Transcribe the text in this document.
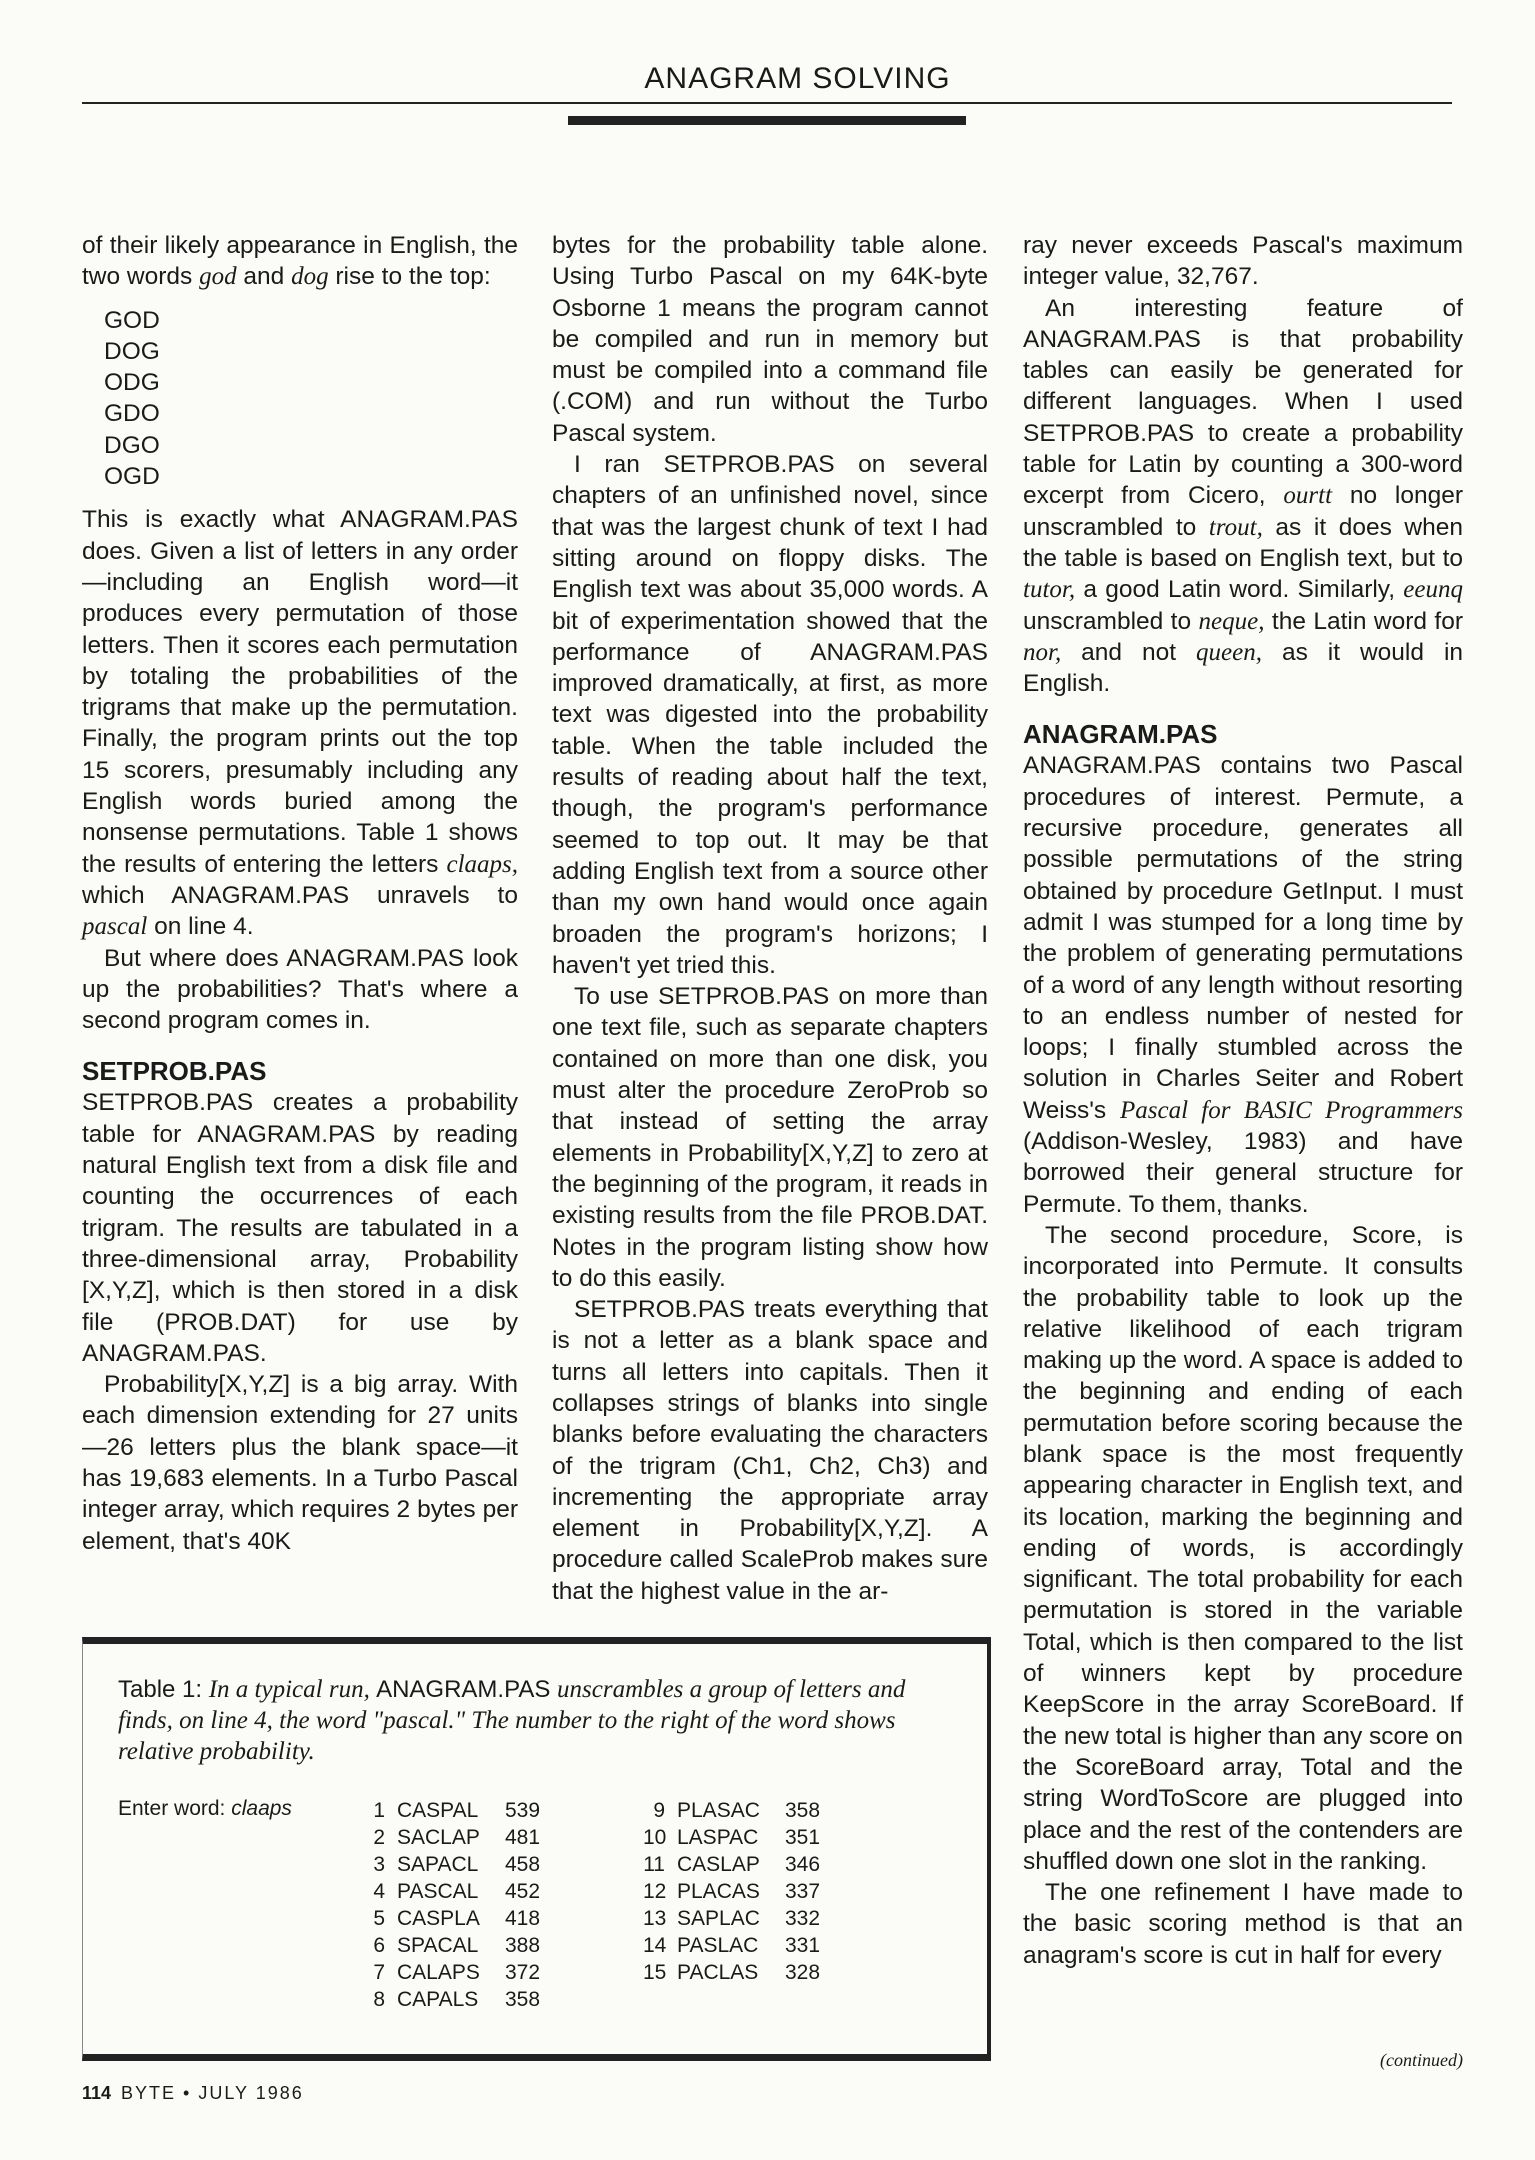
ANAGRAM SOLVING

of their likely appearance in English, the two words god and dog rise to the top:

GOD
DOG
ODG
GDO
DGO
OGD

This is exactly what ANAGRAM.PAS does. Given a list of letters in any order—including an English word—it produces every permutation of those letters. Then it scores each permutation by totaling the probabilities of the trigrams that make up the permutation. Finally, the program prints out the top 15 scorers, presumably including any English words buried among the nonsense permutations. Table 1 shows the results of entering the letters claaps, which ANAGRAM.PAS unravels to pascal on line 4.

But where does ANAGRAM.PAS look up the probabilities? That's where a second program comes in.

SETPROB.PAS

SETPROB.PAS creates a probability table for ANAGRAM.PAS by reading natural English text from a disk file and counting the occurrences of each trigram. The results are tabulated in a three-dimensional array, Probability [X,Y,Z], which is then stored in a disk file (PROB.DAT) for use by ANAGRAM.PAS.

Probability[X,Y,Z] is a big array. With each dimension extending for 27 units—26 letters plus the blank space—it has 19,683 elements. In a Turbo Pascal integer array, which requires 2 bytes per element, that's 40K

bytes for the probability table alone. Using Turbo Pascal on my 64K-byte Osborne 1 means the program cannot be compiled and run in memory but must be compiled into a command file (.COM) and run without the Turbo Pascal system.

I ran SETPROB.PAS on several chapters of an unfinished novel, since that was the largest chunk of text I had sitting around on floppy disks. The English text was about 35,000 words. A bit of experimentation showed that the performance of ANAGRAM.PAS improved dramatically, at first, as more text was digested into the probability table. When the table included the results of reading about half the text, though, the program's performance seemed to top out. It may be that adding English text from a source other than my own hand would once again broaden the program's horizons; I haven't yet tried this.

To use SETPROB.PAS on more than one text file, such as separate chapters contained on more than one disk, you must alter the procedure ZeroProb so that instead of setting the array elements in Probability[X,Y,Z] to zero at the beginning of the program, it reads in existing results from the file PROB.DAT. Notes in the program listing show how to do this easily.

SETPROB.PAS treats everything that is not a letter as a blank space and turns all letters into capitals. Then it collapses strings of blanks into single blanks before evaluating the characters of the trigram (Ch1, Ch2, Ch3) and incrementing the appropriate array element in Probability[X,Y,Z]. A procedure called ScaleProb makes sure that the highest value in the ar-

ray never exceeds Pascal's maximum integer value, 32,767.

An interesting feature of ANAGRAM.PAS is that probability tables can easily be generated for different languages. When I used SETPROB.PAS to create a probability table for Latin by counting a 300-word excerpt from Cicero, ourtt no longer unscrambled to trout, as it does when the table is based on English text, but to tutor, a good Latin word. Similarly, eeunq unscrambled to neque, the Latin word for nor, and not queen, as it would in English.

ANAGRAM.PAS

ANAGRAM.PAS contains two Pascal procedures of interest. Permute, a recursive procedure, generates all possible permutations of the string obtained by procedure GetInput. I must admit I was stumped for a long time by the problem of generating permutations of a word of any length without resorting to an endless number of nested for loops; I finally stumbled across the solution in Charles Seiter and Robert Weiss's Pascal for BASIC Programmers (Addison-Wesley, 1983) and have borrowed their general structure for Permute. To them, thanks.

The second procedure, Score, is incorporated into Permute. It consults the probability table to look up the relative likelihood of each trigram making up the word. A space is added to the beginning and ending of each permutation before scoring because the blank space is the most frequently appearing character in English text, and its location, marking the beginning and ending of words, is accordingly significant. The total probability for each permutation is stored in the variable Total, which is then compared to the list of winners kept by procedure KeepScore in the array ScoreBoard. If the new total is higher than any score on the ScoreBoard array, Total and the string WordToScore are plugged into place and the rest of the contenders are shuffled down one slot in the ranking.

The one refinement I have made to the basic scoring method is that an anagram's score is cut in half for every

Table 1: In a typical run, ANAGRAM.PAS unscrambles a group of letters and finds, on line 4, the word "pascal." The number to the right of the word shows relative probability.
Enter word: claaps	1 CASPAL 539
2 SACLAP 481
3 SAPACL 458
4 PASCAL 452
5 CASPLA 418
6 SPACAL 388
7 CALAPS 372
8 CAPALS 358
9 PLASAC 358
10 LASPAC 351
11 CASLAP 346
12 PLACAS 337
13 SAPLAC 332
14 PASLAC 331
15 PACLAS 328
(continued)
114 BYTE • JULY 1986
